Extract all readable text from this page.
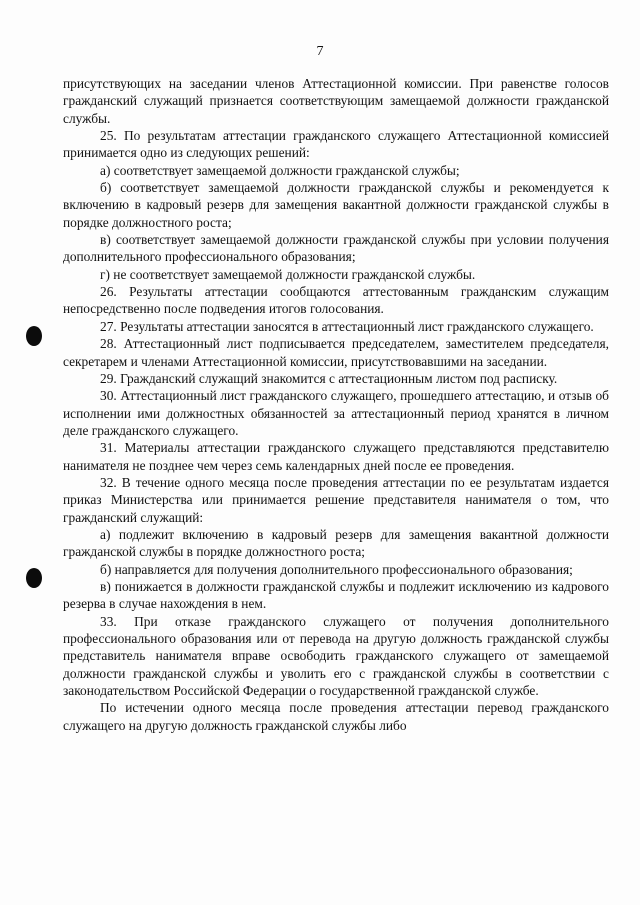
7

присутствующих на заседании членов Аттестационной комиссии. При равенстве голосов гражданский служащий признается соответствующим замещаемой должности гражданской службы.

25. По результатам аттестации гражданского служащего Аттестационной комиссией принимается одно из следующих решений:

а) соответствует замещаемой должности гражданской службы;

б) соответствует замещаемой должности гражданской службы и рекомендуется к включению в кадровый резерв для замещения вакантной должности гражданской службы в порядке должностного роста;

в) соответствует замещаемой должности гражданской службы при условии получения дополнительного профессионального образования;

г) не соответствует замещаемой должности гражданской службы.

26. Результаты аттестации сообщаются аттестованным гражданским служащим непосредственно после подведения итогов голосования.

27. Результаты аттестации заносятся в аттестационный лист гражданского служащего.

28. Аттестационный лист подписывается председателем, заместителем председателя, секретарем и членами Аттестационной комиссии, присутствовавшими на заседании.

29. Гражданский служащий знакомится с аттестационным листом под расписку.

30. Аттестационный лист гражданского служащего, прошедшего аттестацию, и отзыв об исполнении ими должностных обязанностей за аттестационный период хранятся в личном деле гражданского служащего.

31. Материалы аттестации гражданского служащего представляются представителю нанимателя не позднее чем через семь календарных дней после ее проведения.

32. В течение одного месяца после проведения аттестации по ее результатам издается приказ Министерства или принимается решение представителя нанимателя о том, что гражданский служащий:

а) подлежит включению в кадровый резерв для замещения вакантной должности гражданской службы в порядке должностного роста;

б) направляется для получения дополнительного профессионального образования;

в) понижается в должности гражданской службы и подлежит исключению из кадрового резерва в случае нахождения в нем.

33. При отказе гражданского служащего от получения дополнительного профессионального образования или от перевода на другую должность гражданской службы представитель нанимателя вправе освободить гражданского служащего от замещаемой должности гражданской службы и уволить его с гражданской службы в соответствии с законодательством Российской Федерации о государственной гражданской службе.

По истечении одного месяца после проведения аттестации перевод гражданского служащего на другую должность гражданской службы либо
